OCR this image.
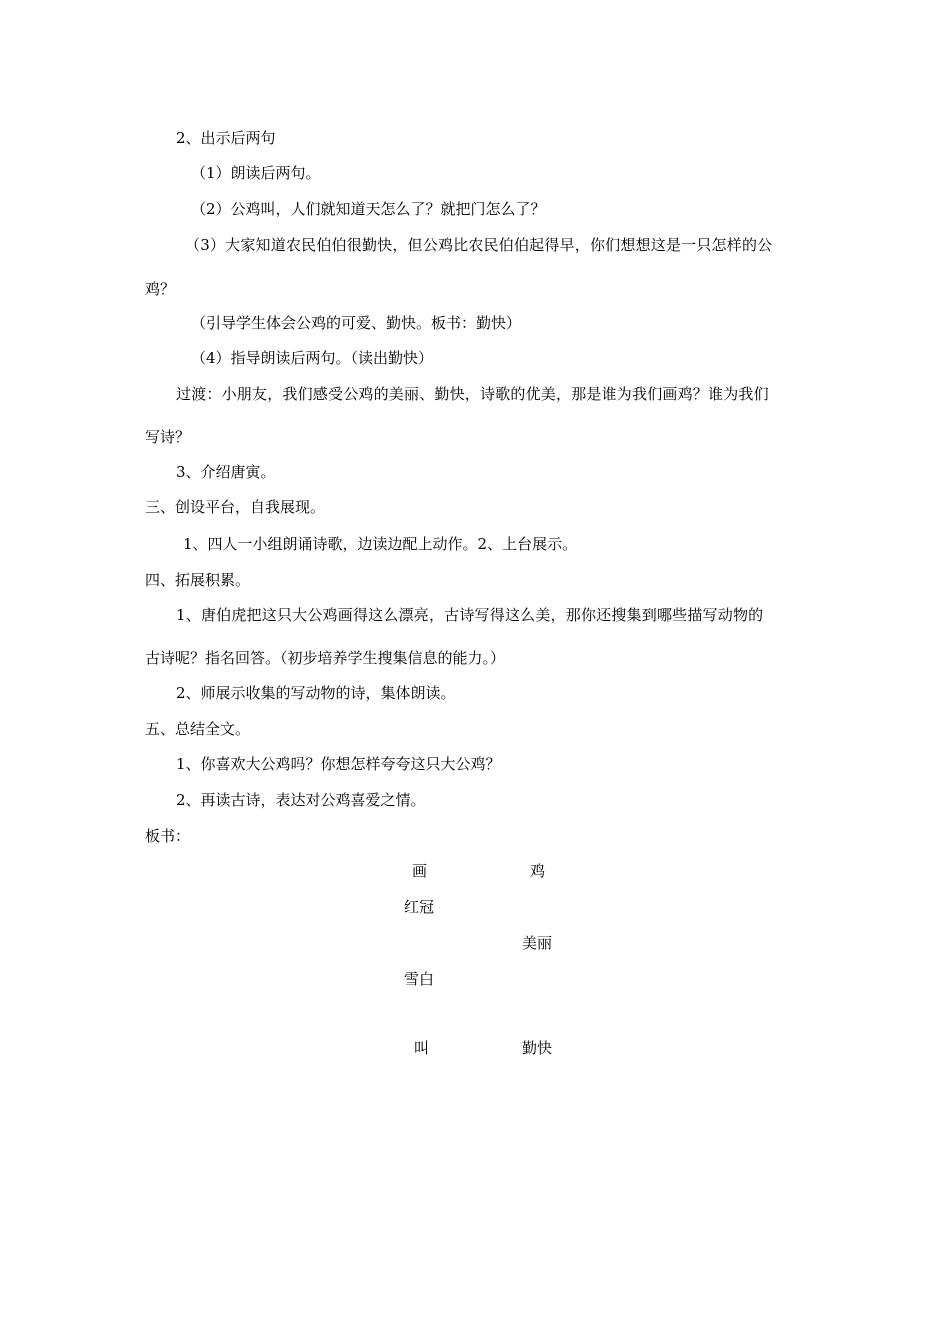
2、出示后两句
（1）朗读后两句。
（2）公鸡叫，人们就知道天怎么了？就把门怎么了？
（3）大家知道农民伯伯很勤快，但公鸡比农民伯伯起得早，你们想想这是一只怎样的公
鸡？
（引导学生体会公鸡的可爱、勤快。板书：勤快）
（4）指导朗读后两句。（读出勤快）
过渡：小朋友，我们感受公鸡的美丽、勤快，诗歌的优美，那是谁为我们画鸡？谁为我们
写诗？
3、介绍唐寅。
三、创设平台，自我展现。
1、四人一小组朗诵诗歌，边读边配上动作。2、上台展示。
四、拓展积累。
1、唐伯虎把这只大公鸡画得这么漂亮，古诗写得这么美，那你还搜集到哪些描写动物的
古诗呢？指名回答。（初步培养学生搜集信息的能力。）
2、师展示收集的写动物的诗，集体朗读。
五、总结全文。
1、你喜欢大公鸡吗？你想怎样夸夸这只大公鸡？
2、再读古诗，表达对公鸡喜爱之情。
板书：
画	鸡
红冠
美丽
雪白
叫	勤快
